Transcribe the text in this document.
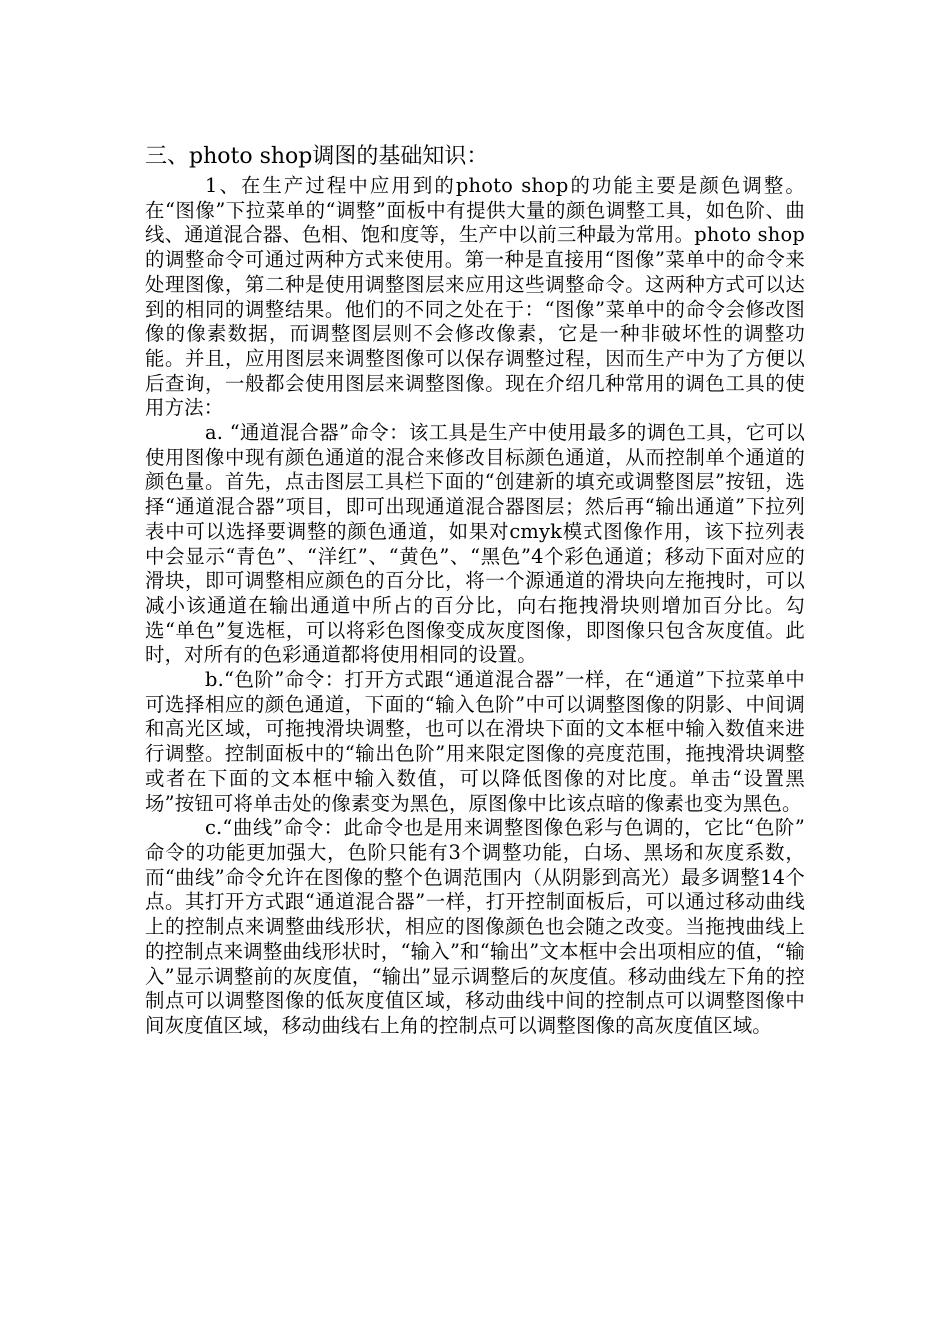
三、photo shop调图的基础知识：

1、在生产过程中应用到的photo shop的功能主要是颜色调整。在“图像”下拉菜单的“调整”面板中有提供大量的颜色调整工具，如色阶、曲线、通道混合器、色相、饱和度等，生产中以前三种最为常用。photo shop的调整命令可通过两种方式来使用。第一种是直接用“图像”菜单中的命令来处理图像，第二种是使用调整图层来应用这些调整命令。这两种方式可以达到的相同的调整结果。他们的不同之处在于：“图像”菜单中的命令会修改图像的像素数据，而调整图层则不会修改像素，它是一种非破坏性的调整功能。并且，应用图层来调整图像可以保存调整过程，因而生产中为了方便以后查询，一般都会使用图层来调整图像。现在介绍几种常用的调色工具的使用方法：

a. “通道混合器”命令：该工具是生产中使用最多的调色工具，它可以使用图像中现有颜色通道的混合来修改目标颜色通道，从而控制单个通道的颜色量。首先，点击图层工具栏下面的“创建新的填充或调整图层”按钮，选择“通道混合器”项目，即可出现通道混合器图层；然后再“输出通道”下拉列表中可以选择要调整的颜色通道，如果对cmyk模式图像作用，该下拉列表中会显示“青色”、“洋红”、“黄色”、“黑色”4个彩色通道；移动下面对应的滑块，即可调整相应颜色的百分比，将一个源通道的滑块向左拖拽时，可以减小该通道在输出通道中所占的百分比，向右拖拽滑块则增加百分比。勾选“单色”复选框，可以将彩色图像变成灰度图像，即图像只包含灰度值。此时，对所有的色彩通道都将使用相同的设置。

b.“色阶”命令：打开方式跟“通道混合器”一样，在“通道”下拉菜单中可选择相应的颜色通道，下面的“输入色阶”中可以调整图像的阴影、中间调和高光区域，可拖拽滑块调整，也可以在滑块下面的文本框中输入数值来进行调整。控制面板中的“输出色阶”用来限定图像的亮度范围，拖拽滑块调整或者在下面的文本框中输入数值，可以降低图像的对比度。单击“设置黑场”按钮可将单击处的像素变为黑色，原图像中比该点暗的像素也变为黑色。

c.“曲线”命令：此命令也是用来调整图像色彩与色调的，它比“色阶” 命令的功能更加强大，色阶只能有3个调整功能，白场、黑场和灰度系数，而“曲线”命令允许在图像的整个色调范围内（从阴影到高光）最多调整14个点。其打开方式跟“通道混合器”一样，打开控制面板后，可以通过移动曲线上的控制点来调整曲线形状，相应的图像颜色也会随之改变。当拖拽曲线上的控制点来调整曲线形状时，“输入”和“输出”文本框中会出项相应的值，“输入”显示调整前的灰度值，“输出”显示调整后的灰度值。移动曲线左下角的控制点可以调整图像的低灰度值区域，移动曲线中间的控制点可以调整图像中间灰度值区域，移动曲线右上角的控制点可以调整图像的高灰度值区域。
